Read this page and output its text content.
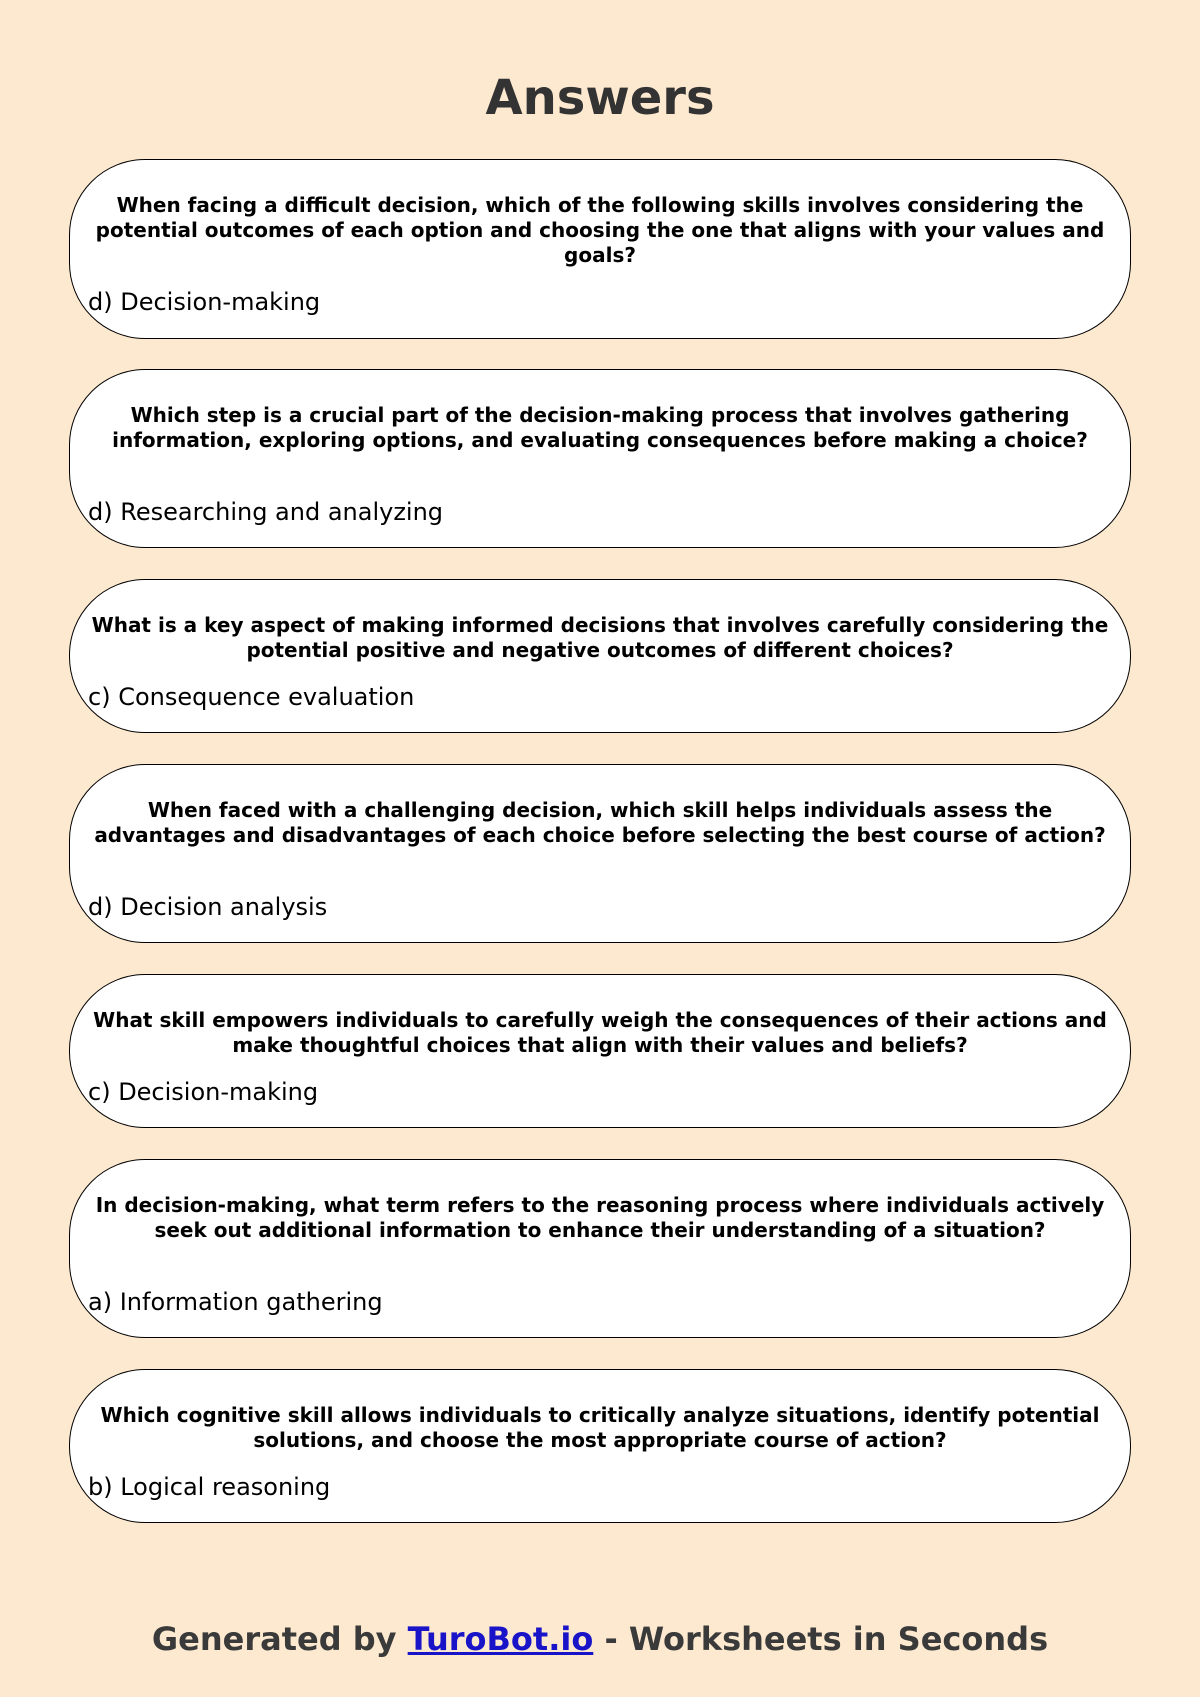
Answers
When facing a difficult decision, which of the following skills involves considering the potential outcomes of each option and choosing the one that aligns with your values and goals?
d) Decision-making
Which step is a crucial part of the decision-making process that involves gathering information, exploring options, and evaluating consequences before making a choice?
d) Researching and analyzing
What is a key aspect of making informed decisions that involves carefully considering the potential positive and negative outcomes of different choices?
c) Consequence evaluation
When faced with a challenging decision, which skill helps individuals assess the advantages and disadvantages of each choice before selecting the best course of action?
d) Decision analysis
What skill empowers individuals to carefully weigh the consequences of their actions and make thoughtful choices that align with their values and beliefs?
c) Decision-making
In decision-making, what term refers to the reasoning process where individuals actively seek out additional information to enhance their understanding of a situation?
a) Information gathering
Which cognitive skill allows individuals to critically analyze situations, identify potential solutions, and choose the most appropriate course of action?
b) Logical reasoning
Generated by TuroBot.io - Worksheets in Seconds
